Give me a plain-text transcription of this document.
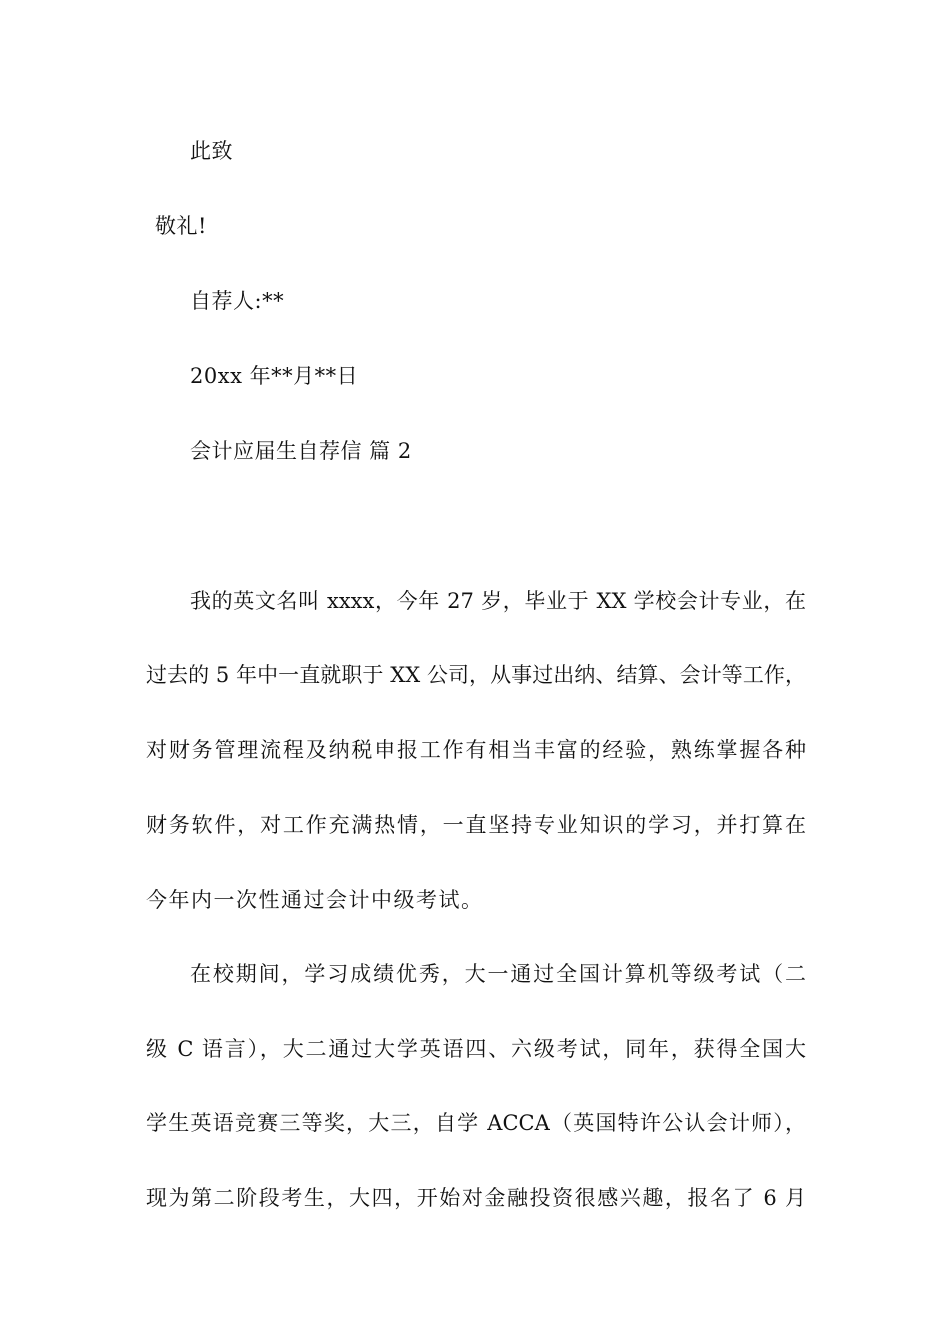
此致
敬礼!
自荐人:**
20xx 年**月**日
会计应届生自荐信 篇 2
我的英文名叫 xxxx，今年 27 岁，毕业于 XX 学校会计专业，在
过去的 5 年中一直就职于 XX 公司，从事过出纳、结算、会计等工作，
对财务管理流程及纳税申报工作有相当丰富的经验，熟练掌握各种
财务软件，对工作充满热情，一直坚持专业知识的学习，并打算在
今年内一次性通过会计中级考试。
在校期间，学习成绩优秀，大一通过全国计算机等级考试（二
级 C 语言），大二通过大学英语四、六级考试，同年，获得全国大
学生英语竞赛三等奖，大三，自学 ACCA（英国特许公认会计师），
现为第二阶段考生，大四，开始对金融投资很感兴趣，报名了 6 月
